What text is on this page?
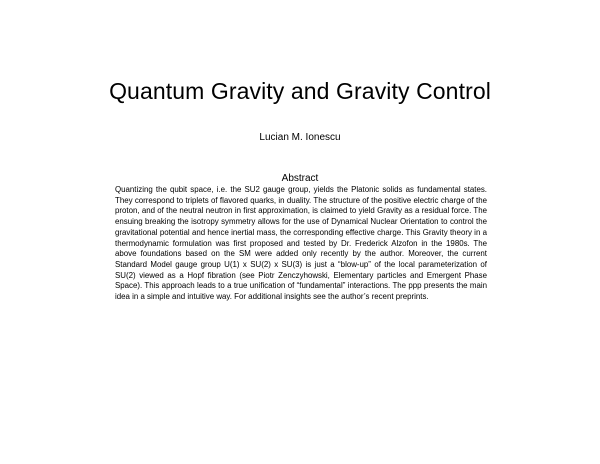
Quantum Gravity and Gravity Control
Lucian M. Ionescu
Abstract

Quantizing the qubit space, i.e. the SU2 gauge group, yields the Platonic solids as fundamental states. They correspond to triplets of flavored quarks, in duality. The structure of the positive electric charge of the proton, and of the neutral neutron in first approximation, is claimed to yield Gravity as a residual force. The ensuing breaking the isotropy symmetry allows for the use of Dynamical Nuclear Orientation to control the gravitational potential and hence inertial mass, the corresponding effective charge. This Gravity theory in a thermodynamic formulation was first proposed and tested by Dr. Frederick Alzofon in the 1980s. The above foundations based on the SM were added only recently by the author. Moreover, the current Standard Model gauge group U(1) x SU(2) x SU(3) is just a “blow-up” of the local parameterization of SU(2) viewed as a Hopf fibration (see Piotr Zenczyhowski, Elementary particles and Emergent Phase Space). This approach leads to a true unification of “fundamental” interactions. The ppp presents the main idea in a simple and intuitive way. For additional insights see the author’s recent preprints.
